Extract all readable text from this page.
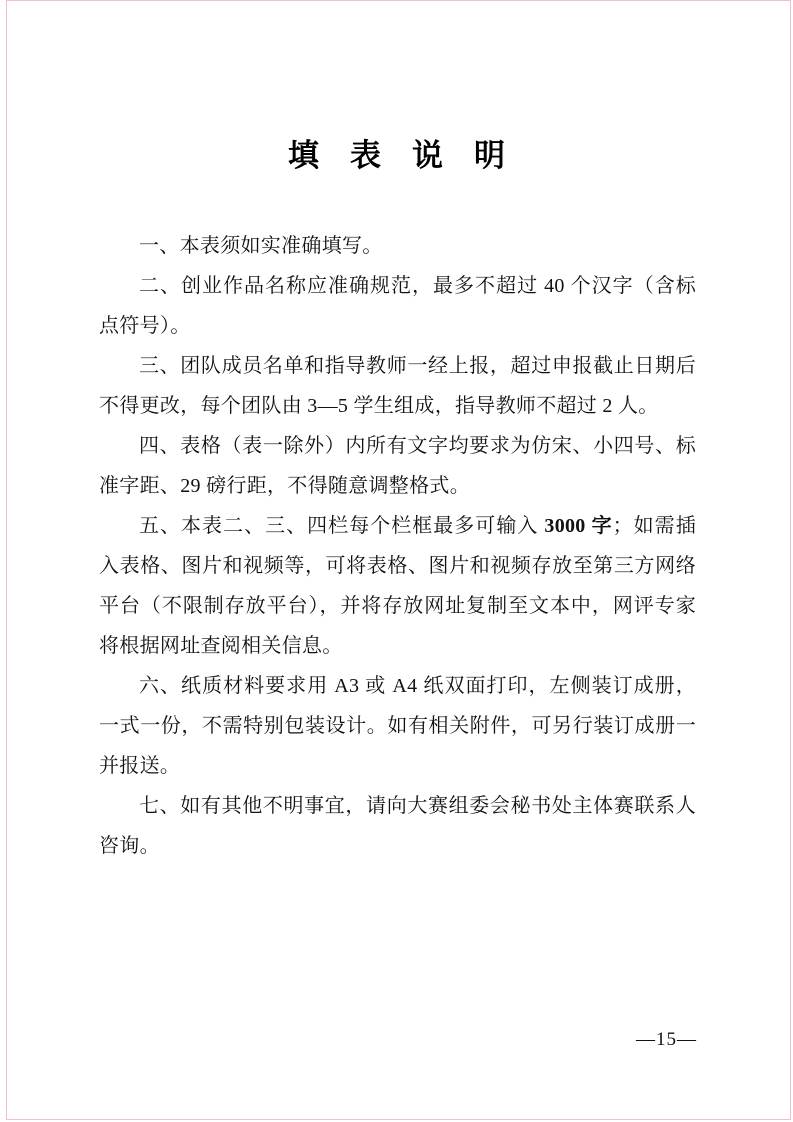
填　表　说　明

一、本表须如实准确填写。

二、创业作品名称应准确规范，最多不超过 40 个汉字（含标点符号）。

三、团队成员名单和指导教师一经上报，超过申报截止日期后不得更改，每个团队由 3—5 学生组成，指导教师不超过 2 人。

四、表格（表一除外）内所有文字均要求为仿宋、小四号、标准字距、29 磅行距，不得随意调整格式。

五、本表二、三、四栏每个栏框最多可输入 3000 字；如需插入表格、图片和视频等，可将表格、图片和视频存放至第三方网络平台（不限制存放平台），并将存放网址复制至文本中，网评专家将根据网址查阅相关信息。

六、纸质材料要求用 A3 或 A4 纸双面打印，左侧装订成册，一式一份，不需特别包装设计。如有相关附件，可另行装订成册一并报送。

七、如有其他不明事宜，请向大赛组委会秘书处主体赛联系人咨询。

—15—
